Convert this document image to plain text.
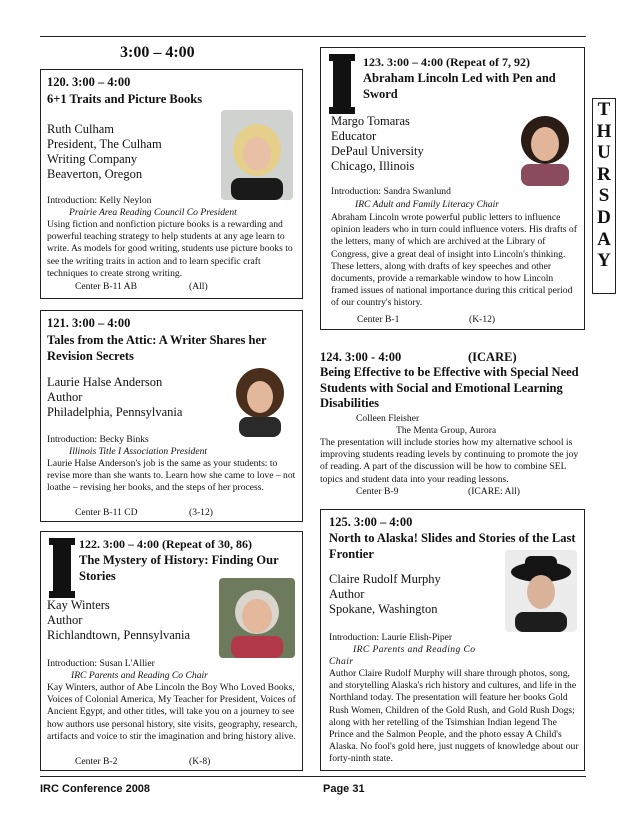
3:00 – 4:00
T
H
U
R
S
D
A
Y
120. 3:00 – 4:00
6+1 Traits and Picture Books
Ruth Culham
President, The Culham
Writing Company
Beaverton, Oregon
Introduction: Kelly Neylon
Prairie Area Reading Council Co President
Using fiction and nonfiction picture books is a rewarding and powerful teaching strategy to help students at any age learn to write. As models for good writing, students use picture books to see the writing traits in action and to learn specific craft techniques to create strong writing.
Center B-11 AB	(All)
121. 3:00 – 4:00
Tales from the Attic: A Writer Shares her Revision Secrets
Laurie Halse Anderson
Author
Philadelphia, Pennsylvania
Introduction: Becky Binks
Illinois Title I Association President
Laurie Halse Anderson's job is the same as your students: to revise more than she wants to. Learn how she came to love – not loathe – revising her books, and the steps of her process.
Center B-11 CD	(3-12)
122. 3:00 – 4:00 (Repeat of 30, 86)
The Mystery of History: Finding Our Stories
Kay Winters
Author
Richlandtown, Pennsylvania
Introduction: Susan L'Allier
IRC Parents and Reading Co Chair
Kay Winters, author of Abe Lincoln the Boy Who Loved Books, Voices of Colonial America, My Teacher for President, Voices of Ancient Egypt, and other titles, will take you on a journey to see how authors use personal history, site visits, geography, research, artifacts and voice to stir the imagination and bring history alive.
Center B-2	(K-8)
123. 3:00 – 4:00 (Repeat of 7, 92)
Abraham Lincoln Led with Pen and Sword
Margo Tomaras
Educator
DePaul University
Chicago, Illinois
Introduction: Sandra Swanlund
IRC Adult and Family Literacy Chair
Abraham Lincoln wrote powerful public letters to influence opinion leaders who in turn could influence voters. His drafts of the letters, many of which are archived at the Library of Congress, give a great deal of insight into Lincoln's thinking. These letters, along with drafts of key speeches and other documents, provide a remarkable window to how Lincoln framed issues of national importance during this critical period of our country's history.
Center B-1	(K-12)
124. 3:00 - 4:00	(ICARE)
Being Effective to be Effective with Special Need Students with Social and Emotional Learning Disabilities
Colleen Fleisher
The Menta Group, Aurora
The presentation will include stories how my alternative school is improving students reading levels by continuing to promote the joy of reading. A part of the discussion will be how to combine SEL topics and student data into your reading lessons.
Center B-9	(ICARE: All)
125. 3:00 – 4:00
North to Alaska! Slides and Stories of the Last Frontier
Claire Rudolf Murphy
Author
Spokane, Washington
Introduction: Laurie Elish-Piper
IRC Parents and Reading Co Chair
Author Claire Rudolf Murphy will share through photos, song, and storytelling Alaska's rich history and cultures, and life in the Northland today. The presentation will feature her books Gold Rush Women, Children of the Gold Rush, and Gold Rush Dogs; along with her retelling of the Tsimshian Indian legend The Prince and the Salmon People, and the photo essay A Child's Alaska. No fool's gold here, just nuggets of knowledge about our forty-ninth state.
IRC Conference 2008	Page 31
